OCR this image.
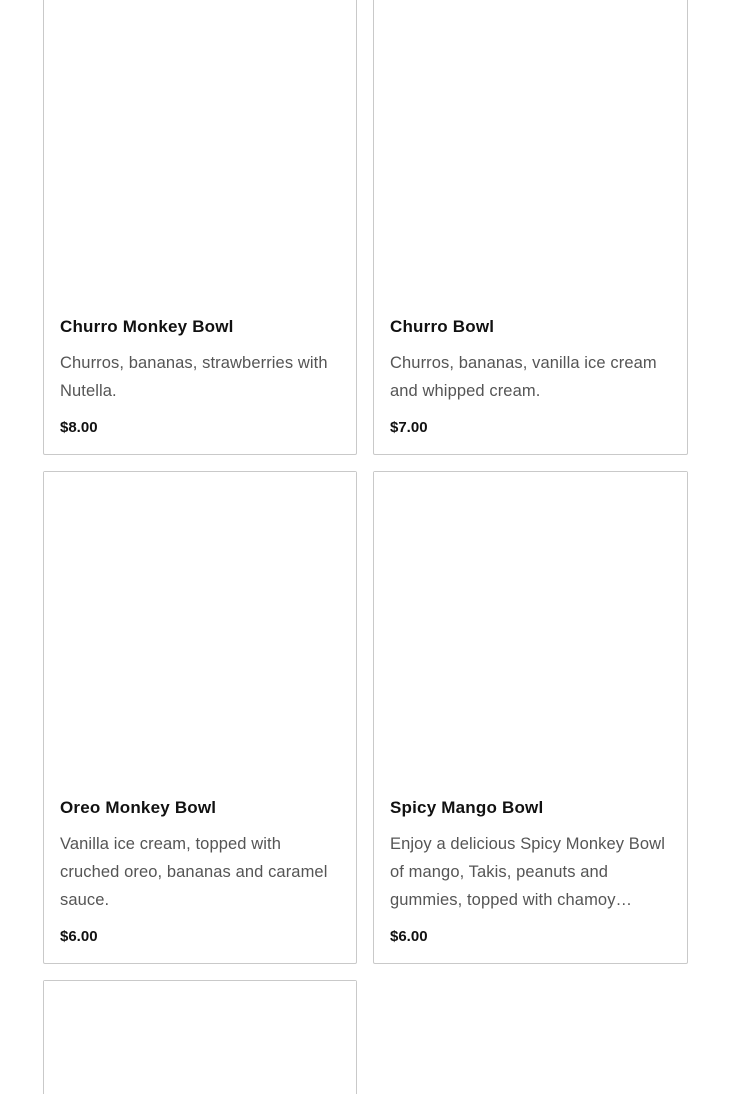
Churro Monkey Bowl
Churros, bananas, strawberries with Nutella.
$8.00
Churro Bowl
Churros, bananas, vanilla ice cream and whipped cream.
$7.00
Oreo Monkey Bowl
Vanilla ice cream, topped with cruched oreo, bananas and caramel sauce.
$6.00
Spicy Mango Bowl
Enjoy a delicious Spicy Monkey Bowl of mango, Takis, peanuts and gummies, topped with chamoy…
$6.00
